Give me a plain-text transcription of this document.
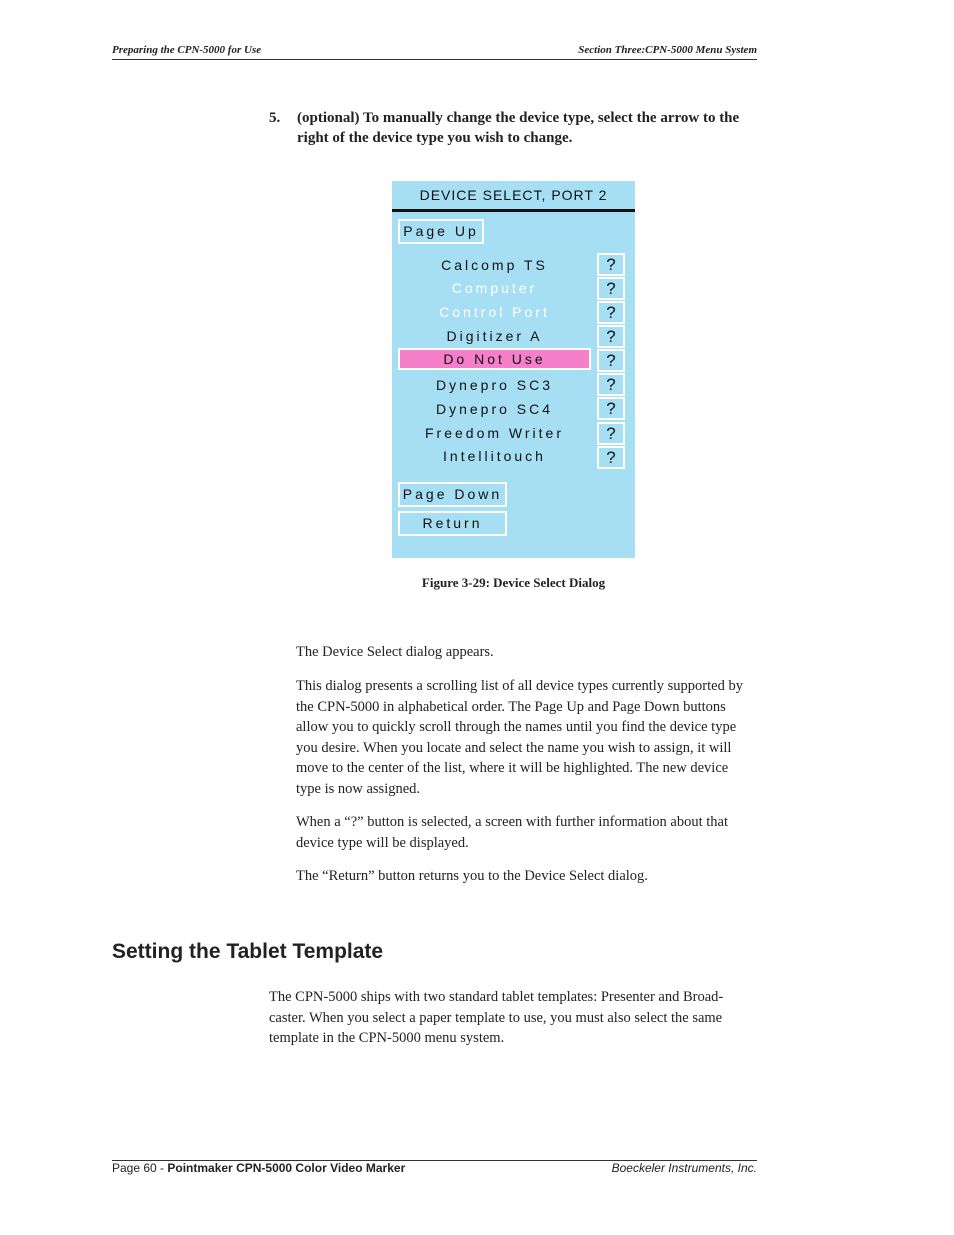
Preparing the CPN-5000 for Use	Section Three:CPN-5000 Menu System
5. (optional) To manually change the device type, select the arrow to the right of the device type you wish to change.
DEVICE SELECT, PORT 2
Page Up
Calcomp TS	?
Computer	?
Control Port	?
Digitizer A	?
Do Not Use	?
Dynepro SC3	?
Dynepro SC4	?
Freedom Writer	?
Intellitouch	?
Page Down
Return
Figure 3-29: Device Select Dialog

The Device Select dialog appears.

This dialog presents a scrolling list of all device types currently supported by the CPN-5000 in alphabetical order. The Page Up and Page Down buttons allow you to quickly scroll through the names until you find the device type you desire. When you locate and select the name you wish to assign, it will move to the center of the list, where it will be highlighted. The new device type is now assigned.

When a “?” button is selected, a screen with further information about that device type will be displayed.

The “Return” button returns you to the Device Select dialog.

Setting the Tablet Template

The CPN-5000 ships with two standard tablet templates: Presenter and Broad-caster. When you select a paper template to use, you must also select the same template in the CPN-5000 menu system.

Page 60 - Pointmaker CPN-5000 Color Video Marker	Boeckeler Instruments, Inc.
